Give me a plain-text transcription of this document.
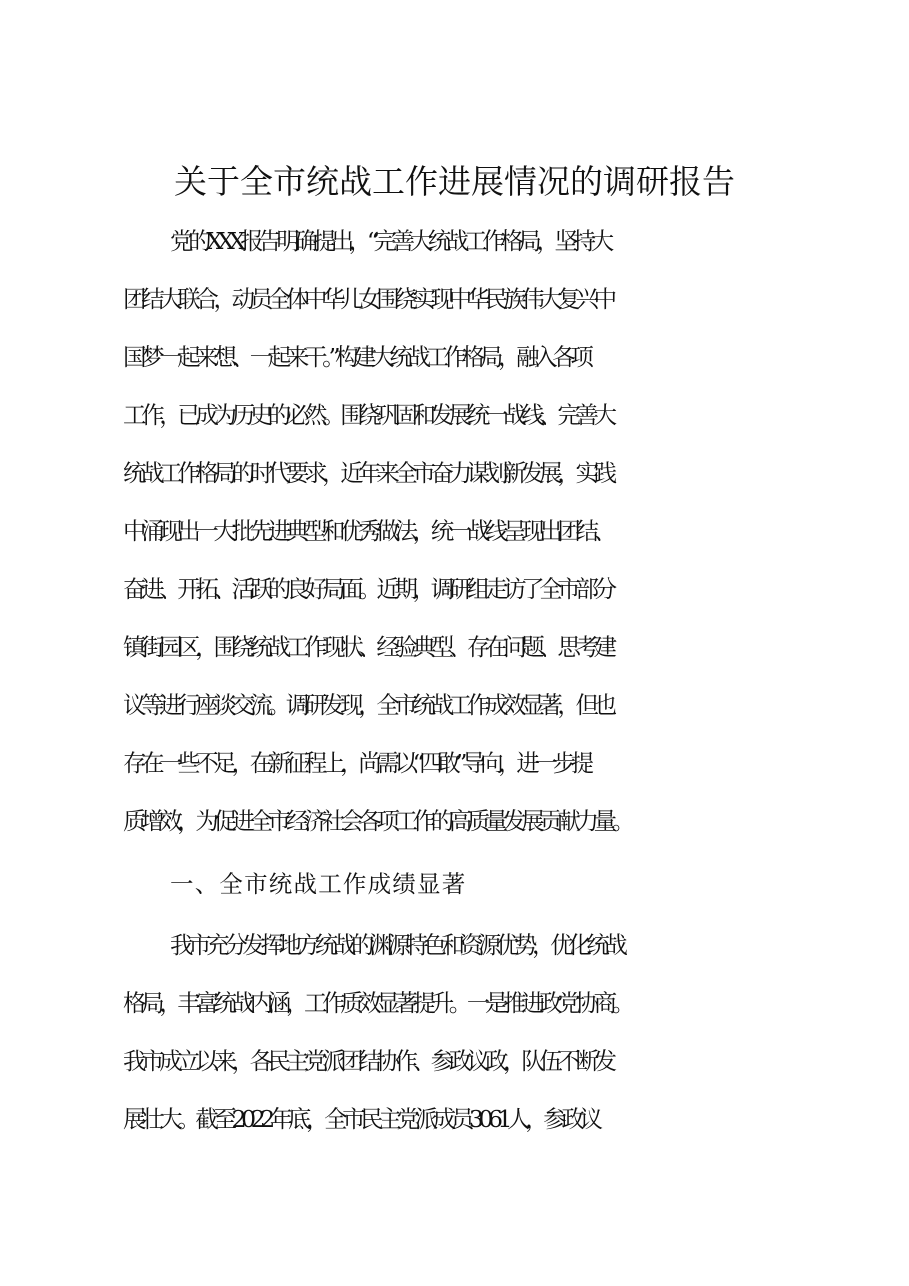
关于全市统战工作进展情况的调研报告
党的XXX报告明确提出，“完善大统战工作格局，坚持大
团结大联合，动员全体中华儿女围绕实现中华民族伟大复兴中
国梦一起来想、一起来干。”构建大统战工作格局，融入各项
工作，已成为历史的必然。围绕巩固和发展统一战线、完善大
统战工作格局的时代要求，近年来全市奋力谋划新发展，实践
中涌现出一大批先进典型和优秀做法，统一战线呈现出团结、
奋进、开拓、活跃的良好局面。近期，调研组走访了全市部分
镇街园区，围绕统战工作现状、经验典型、存在问题、思考建
议等进行座谈交流。调研发现，全市统战工作成效显著，但也
存在一些不足，在新征程上，尚需以“四敢”导向，进一步提
质增效，为促进全市经济社会各项工作的高质量发展贡献力量。
一、全市统战工作成绩显著
我市充分发挥地方统战的渊源特色和资源优势，优化统战
格局，丰富统战内涵，工作质效显著提升。一是推进政党协商。
我市成立以来，各民主党派团结协作、参政议政，队伍不断发
展壮大。截至2022年底，全市民主党派成员3061人，参政议
